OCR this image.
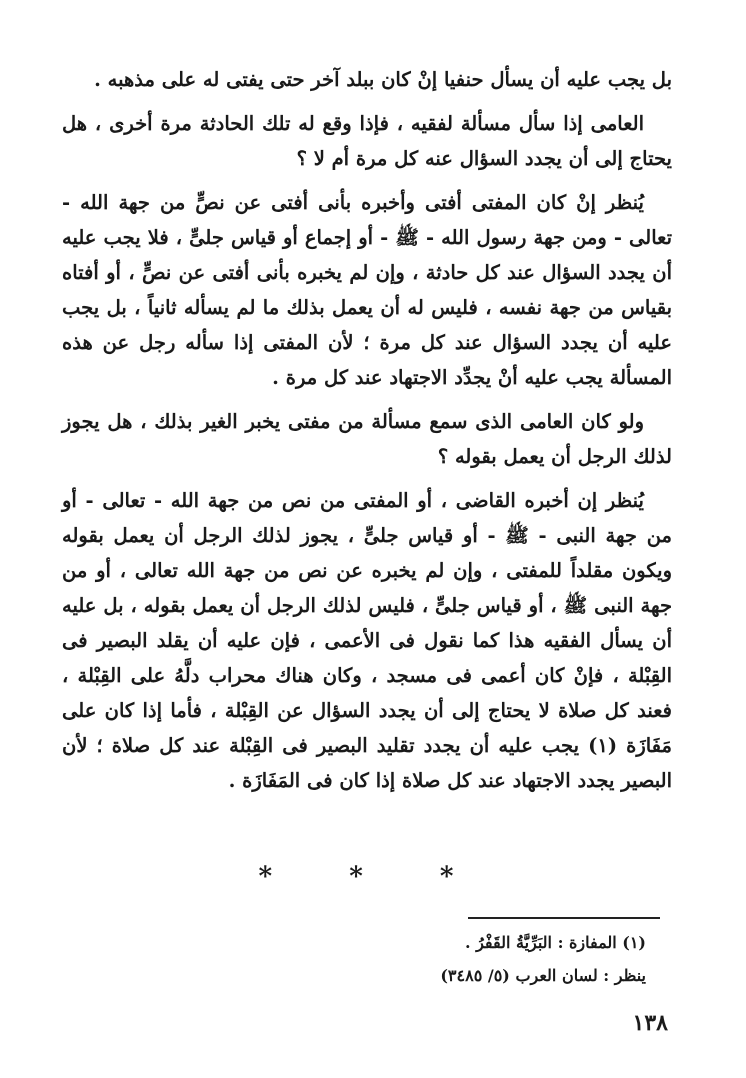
بل يجب عليه أن يسأل حنفيا إنْ كان ببلد آخر حتى يفتى له على مذهبه .

العامى إذا سأل مسألة لفقيه ، فإذا وقع له تلك الحادثة مرة أخرى ، هل يحتاج إلى أن يجدد السؤال عنه كل مرة أم لا ؟

يُنظر إنْ كان المفتى أفتى وأخبره بأنى أفتى عن نصٍّ من جهة الله - تعالى - ومن جهة رسول الله - ﷺ - أو إجماع أو قياس جلىٍّ ، فلا يجب عليه أن يجدد السؤال عند كل حادثة ، وإن لم يخبره بأنى أفتى عن نصٍّ ، أو أفتاه بقياس من جهة نفسه ، فليس له أن يعمل بذلك ما لم يسأله ثانياً ، بل يجب عليه أن يجدد السؤال عند كل مرة ؛ لأن المفتى إذا سأله رجل عن هذه المسألة يجب عليه أنْ يجدِّد الاجتهاد عند كل مرة .

ولو كان العامى الذى سمع مسألة من مفتى يخبر الغير بذلك ، هل يجوز لذلك الرجل أن يعمل بقوله ؟

يُنظر إن أخبره القاضى ، أو المفتى من نص من جهة الله - تعالى - أو من جهة النبى - ﷺ - أو قياس جلىٍّ ، يجوز لذلك الرجل أن يعمل بقوله ويكون مقلداً للمفتى ، وإن لم يخبره عن نص من جهة الله تعالى ، أو من جهة النبى ﷺ ، أو قياس جلىٍّ ، فليس لذلك الرجل أن يعمل بقوله ، بل عليه أن يسأل الفقيه هذا كما نقول فى الأعمى ، فإن عليه أن يقلد البصير فى القِبْلة ، فإنْ كان أعمى فى مسجد ، وكان هناك محراب دلَّهُ على القِبْلة ، فعند كل صلاة لا يحتاج إلى أن يجدد السؤال عن القِبْلة ، فأما إذا كان على مَفَازَة (١) يجب عليه أن يجدد تقليد البصير فى القِبْلة عند كل صلاة ؛ لأن البصير يجدد الاجتهاد عند كل صلاة إذا كان فى المَفَازَة .

* * *
(١) المفازة : البَرِّيَّةُ القَفْرُ .
ينظر : لسان العرب (٥/ ٣٤٨٥)
١٣٨
